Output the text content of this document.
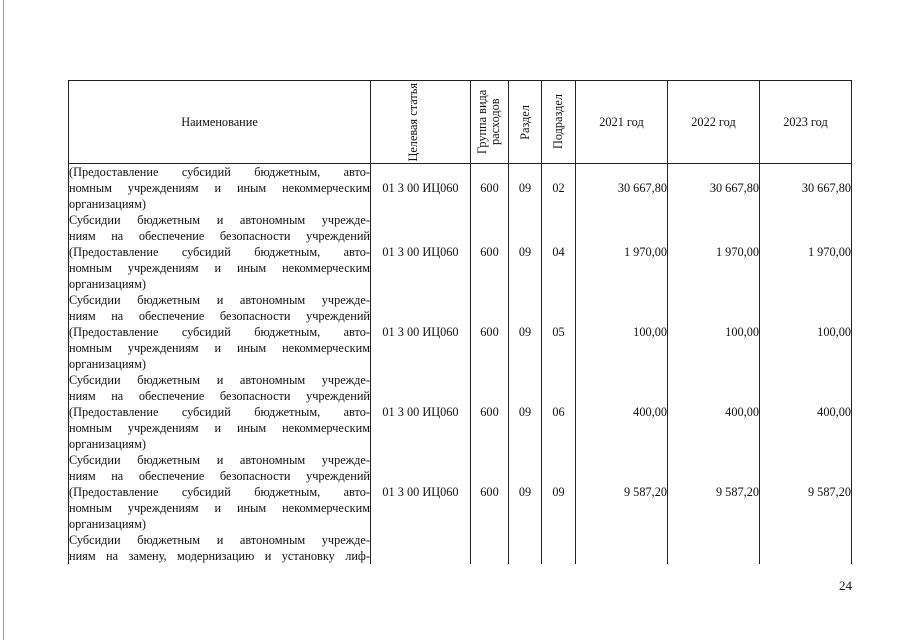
Наименование	Целевая статья	Группа вида расходов	Раздел	Подраздел	2021 год	2022 год	2023 год

(Предоставление субсидий бюджетным, авто-
номным учреждениям и иным некоммерческим
организациям)	01 3 00 ИЦ060	600	09	02	30 667,80	30 667,80	30 667,80

Субсидии бюджетным и автономным учрежде-
ниям на обеспечение безопасности учреждений
(Предоставление субсидий бюджетным, авто-
номным учреждениям и иным некоммерческим
организациям)	01 3 00 ИЦ060	600	09	04	1 970,00	1 970,00	1 970,00

Субсидии бюджетным и автономным учрежде-
ниям на обеспечение безопасности учреждений
(Предоставление субсидий бюджетным, авто-
номным учреждениям и иным некоммерческим
организациям)	01 3 00 ИЦ060	600	09	05	100,00	100,00	100,00

Субсидии бюджетным и автономным учрежде-
ниям на обеспечение безопасности учреждений
(Предоставление субсидий бюджетным, авто-
номным учреждениям и иным некоммерческим
организациям)	01 3 00 ИЦ060	600	09	06	400,00	400,00	400,00

Субсидии бюджетным и автономным учрежде-
ниям на обеспечение безопасности учреждений
(Предоставление субсидий бюджетным, авто-
номным учреждениям и иным некоммерческим
организациям)	01 3 00 ИЦ060	600	09	09	9 587,20	9 587,20	9 587,20

Субсидии бюджетным и автономным учрежде-
ниям на замену, модернизацию и установку лиф-							

24
